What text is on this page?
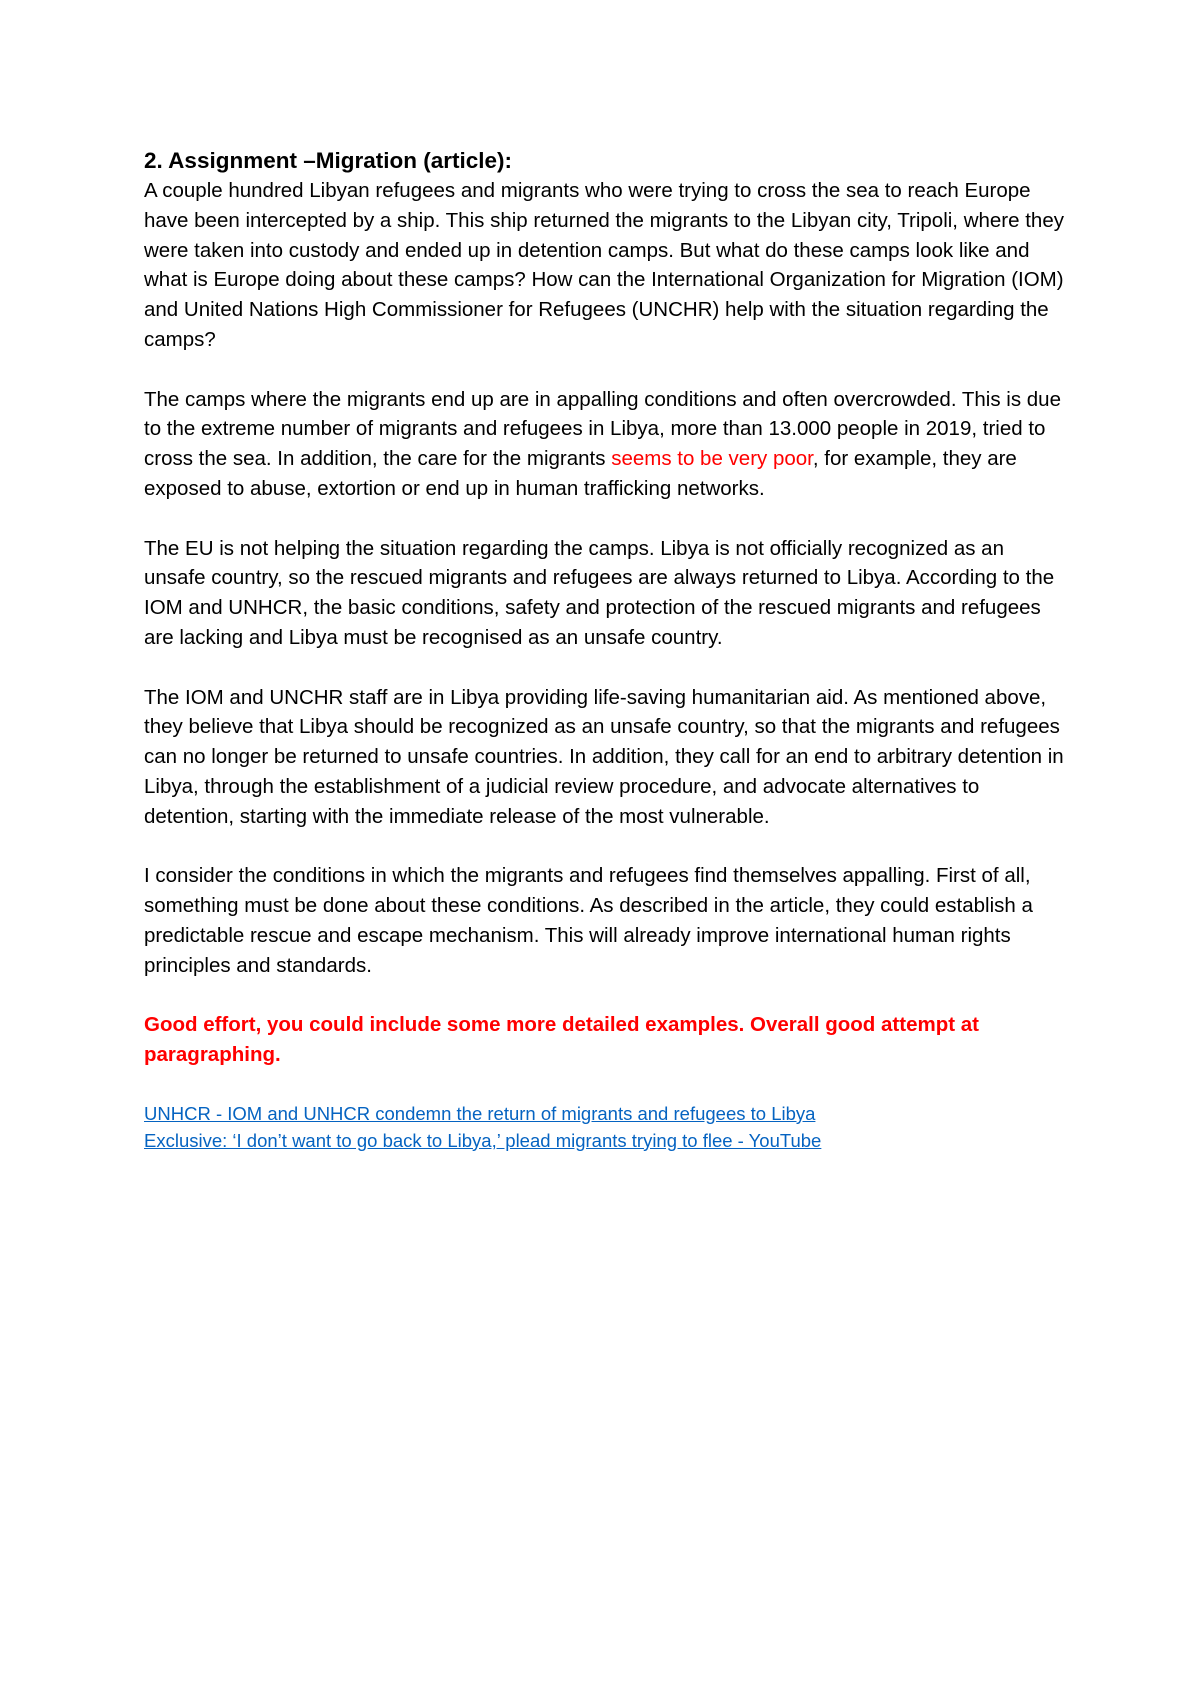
2. Assignment –Migration (article):

A couple hundred Libyan refugees and migrants who were trying to cross the sea to reach Europe have been intercepted by a ship. This ship returned the migrants to the Libyan city, Tripoli, where they were taken into custody and ended up in detention camps. But what do these camps look like and what is Europe doing about these camps? How can the International Organization for Migration (IOM) and United Nations High Commissioner for Refugees (UNCHR) help with the situation regarding the camps?

The camps where the migrants end up are in appalling conditions and often overcrowded. This is due to the extreme number of migrants and refugees in Libya, more than 13.000 people in 2019, tried to cross the sea. In addition, the care for the migrants seems to be very poor, for example, they are exposed to abuse, extortion or end up in human trafficking networks.

The EU is not helping the situation regarding the camps. Libya is not officially recognized as an unsafe country, so the rescued migrants and refugees are always returned to Libya. According to the IOM and UNHCR, the basic conditions, safety and protection of the rescued migrants and refugees are lacking and Libya must be recognised as an unsafe country.

The IOM and UNCHR staff are in Libya providing life-saving humanitarian aid. As mentioned above, they believe that Libya should be recognized as an unsafe country, so that the migrants and refugees can no longer be returned to unsafe countries. In addition, they call for an end to arbitrary detention in Libya, through the establishment of a judicial review procedure, and advocate alternatives to detention, starting with the immediate release of the most vulnerable.

I consider the conditions in which the migrants and refugees find themselves appalling. First of all, something must be done about these conditions. As described in the article, they could establish a predictable rescue and escape mechanism. This will already improve international human rights principles and standards.

Good effort, you could include some more detailed examples. Overall good attempt at paragraphing.

UNHCR - IOM and UNHCR condemn the return of migrants and refugees to Libya
Exclusive: ‘I don’t want to go back to Libya,’ plead migrants trying to flee - YouTube
